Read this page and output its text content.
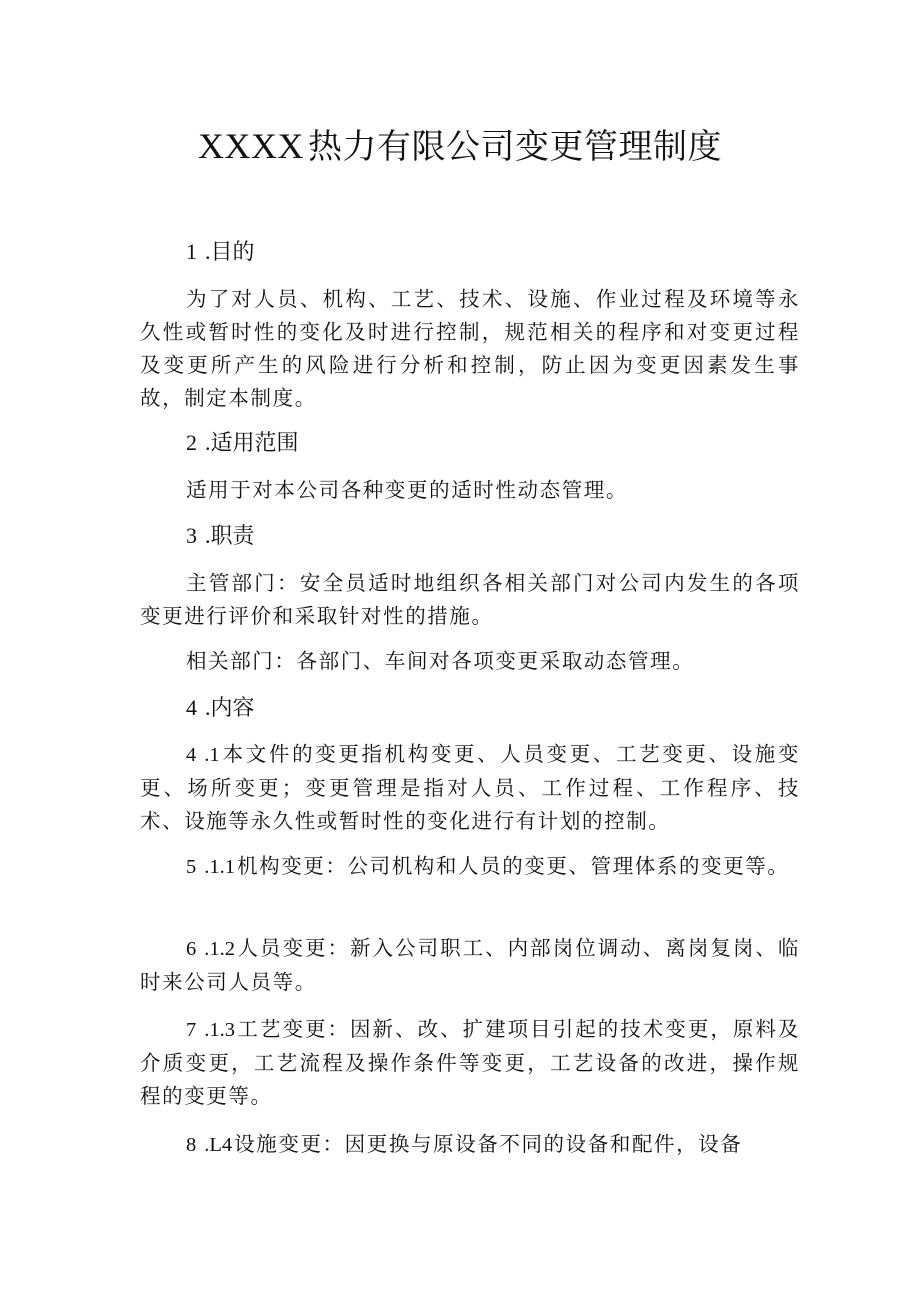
XXXX 热力有限公司变更管理制度
1 .目的
为了对人员、机构、工艺、技术、设施、作业过程及环境等永久性或暂时性的变化及时进行控制，规范相关的程序和对变更过程及变更所产生的风险进行分析和控制，防止因为变更因素发生事故，制定本制度。
2 .适用范围
适用于对本公司各种变更的适时性动态管理。
3 .职责
主管部门：安全员适时地组织各相关部门对公司内发生的各项变更进行评价和采取针对性的措施。
相关部门：各部门、车间对各项变更采取动态管理。
4 .内容
4 .1本文件的变更指机构变更、人员变更、工艺变更、设施变更、场所变更；变更管理是指对人员、工作过程、工作程序、技术、设施等永久性或暂时性的变化进行有计划的控制。
5 .1.1机构变更：公司机构和人员的变更、管理体系的变更等。
6 .1.2人员变更：新入公司职工、内部岗位调动、离岗复岗、临时来公司人员等。
7 .1.3工艺变更：因新、改、扩建项目引起的技术变更，原料及介质变更，工艺流程及操作条件等变更，工艺设备的改进，操作规程的变更等。
8 .L4设施变更：因更换与原设备不同的设备和配件，设备
